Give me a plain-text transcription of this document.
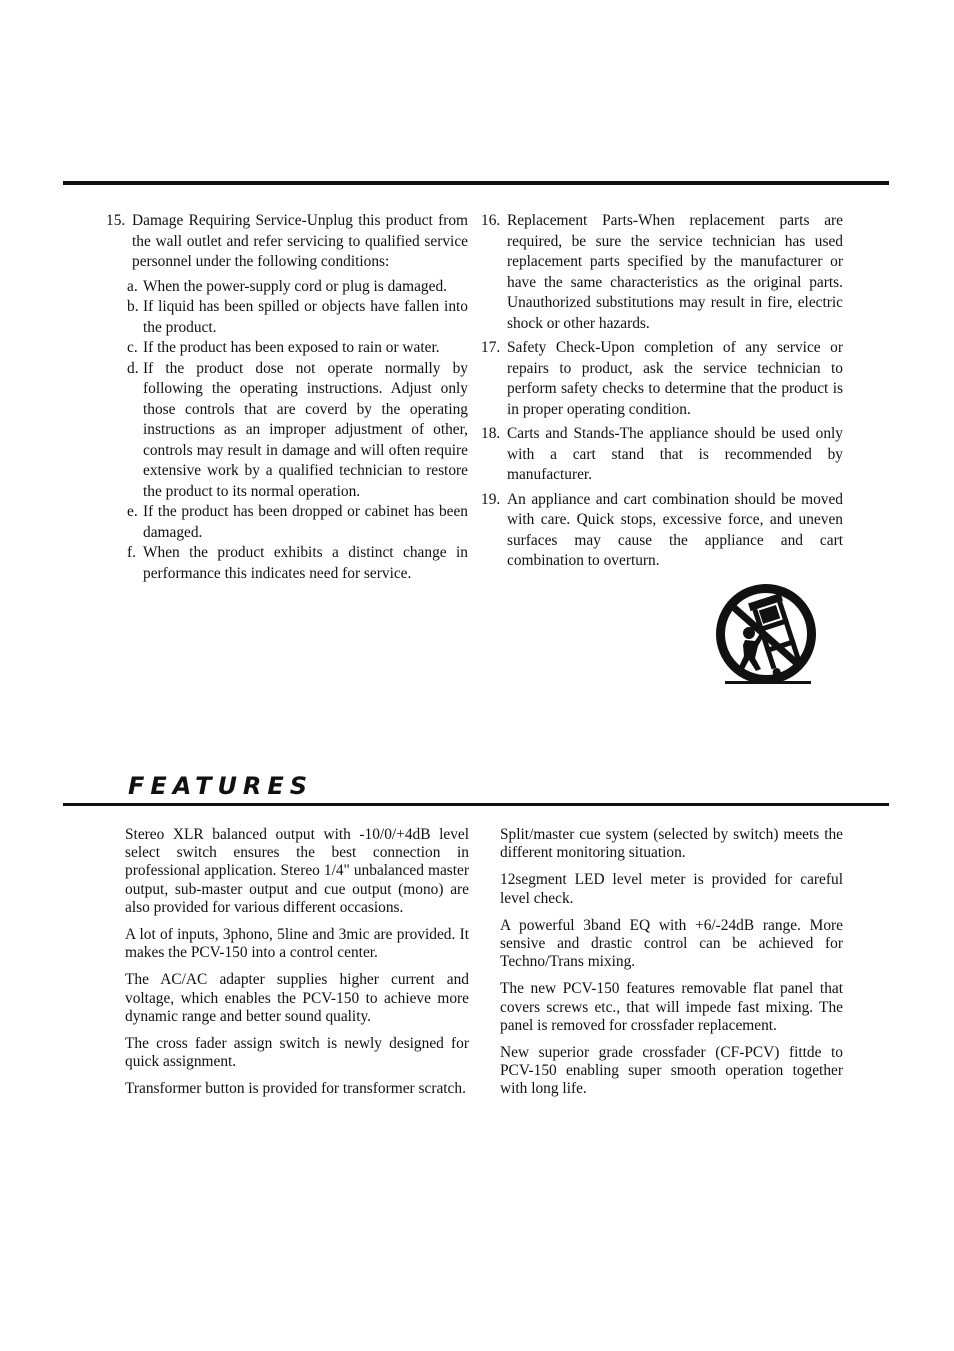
15. Damage Requiring Service-Unplug this product from the wall outlet and refer servicing to qualified service personnel under the following conditions:
a. When the power-supply cord or plug is damaged.
b. If liquid has been spilled or objects have fallen into the product.
c. If the product has been exposed to rain or water.
d. If the product dose not operate normally by following the operating instructions. Adjust only those controls that are coverd by the operating instructions as an improper adjustment of other, controls may result in damage and will often require extensive work by a qualified technician to restore the product to its normal operation.
e. If the product has been dropped or cabinet has been damaged.
f. When the product exhibits a distinct change in performance this indicates need for service.
16. Replacement Parts-When replacement parts are required, be sure the service technician has used replacement parts specified by the manufacturer or have the same characteristics as the original parts. Unauthorized substitutions may result in fire, electric shock or other hazards.
17. Safety Check-Upon completion of any service or repairs to product, ask the service technician to perform safety checks to determine that the product is in proper operating condition.
18. Carts and Stands-The appliance should be used only with a cart stand that is recommended by manufacturer.
19. An appliance and cart combination should be moved with care. Quick stops, excessive force, and uneven surfaces may cause the appliance and cart combination to overturn.
FEATURES

Stereo XLR balanced output with -10/0/+4dB level select switch ensures the best connection in professional application. Stereo 1/4" unbalanced master output, sub-master output and cue output (mono) are also provided for various different occasions.

A lot of inputs, 3phono, 5line and 3mic are provided. It makes the PCV-150 into a control center.

The AC/AC adapter supplies higher current and voltage, which enables the PCV-150 to achieve more dynamic range and better sound quality.

The cross fader assign switch is newly designed for quick assignment.

Transformer button is provided for transformer scratch.

Split/master cue system (selected by switch) meets the different monitoring situation.

12segment LED level meter is provided for careful level check.

A powerful 3band EQ with +6/-24dB range. More sensive and drastic control can be achieved for Techno/Trans mixing.

The new PCV-150 features removable flat panel that covers screws etc., that will impede fast mixing. The panel is removed for crossfader replacement.

New superior grade crossfader (CF-PCV) fittde to PCV-150 enabling super smooth operation together with long life.
